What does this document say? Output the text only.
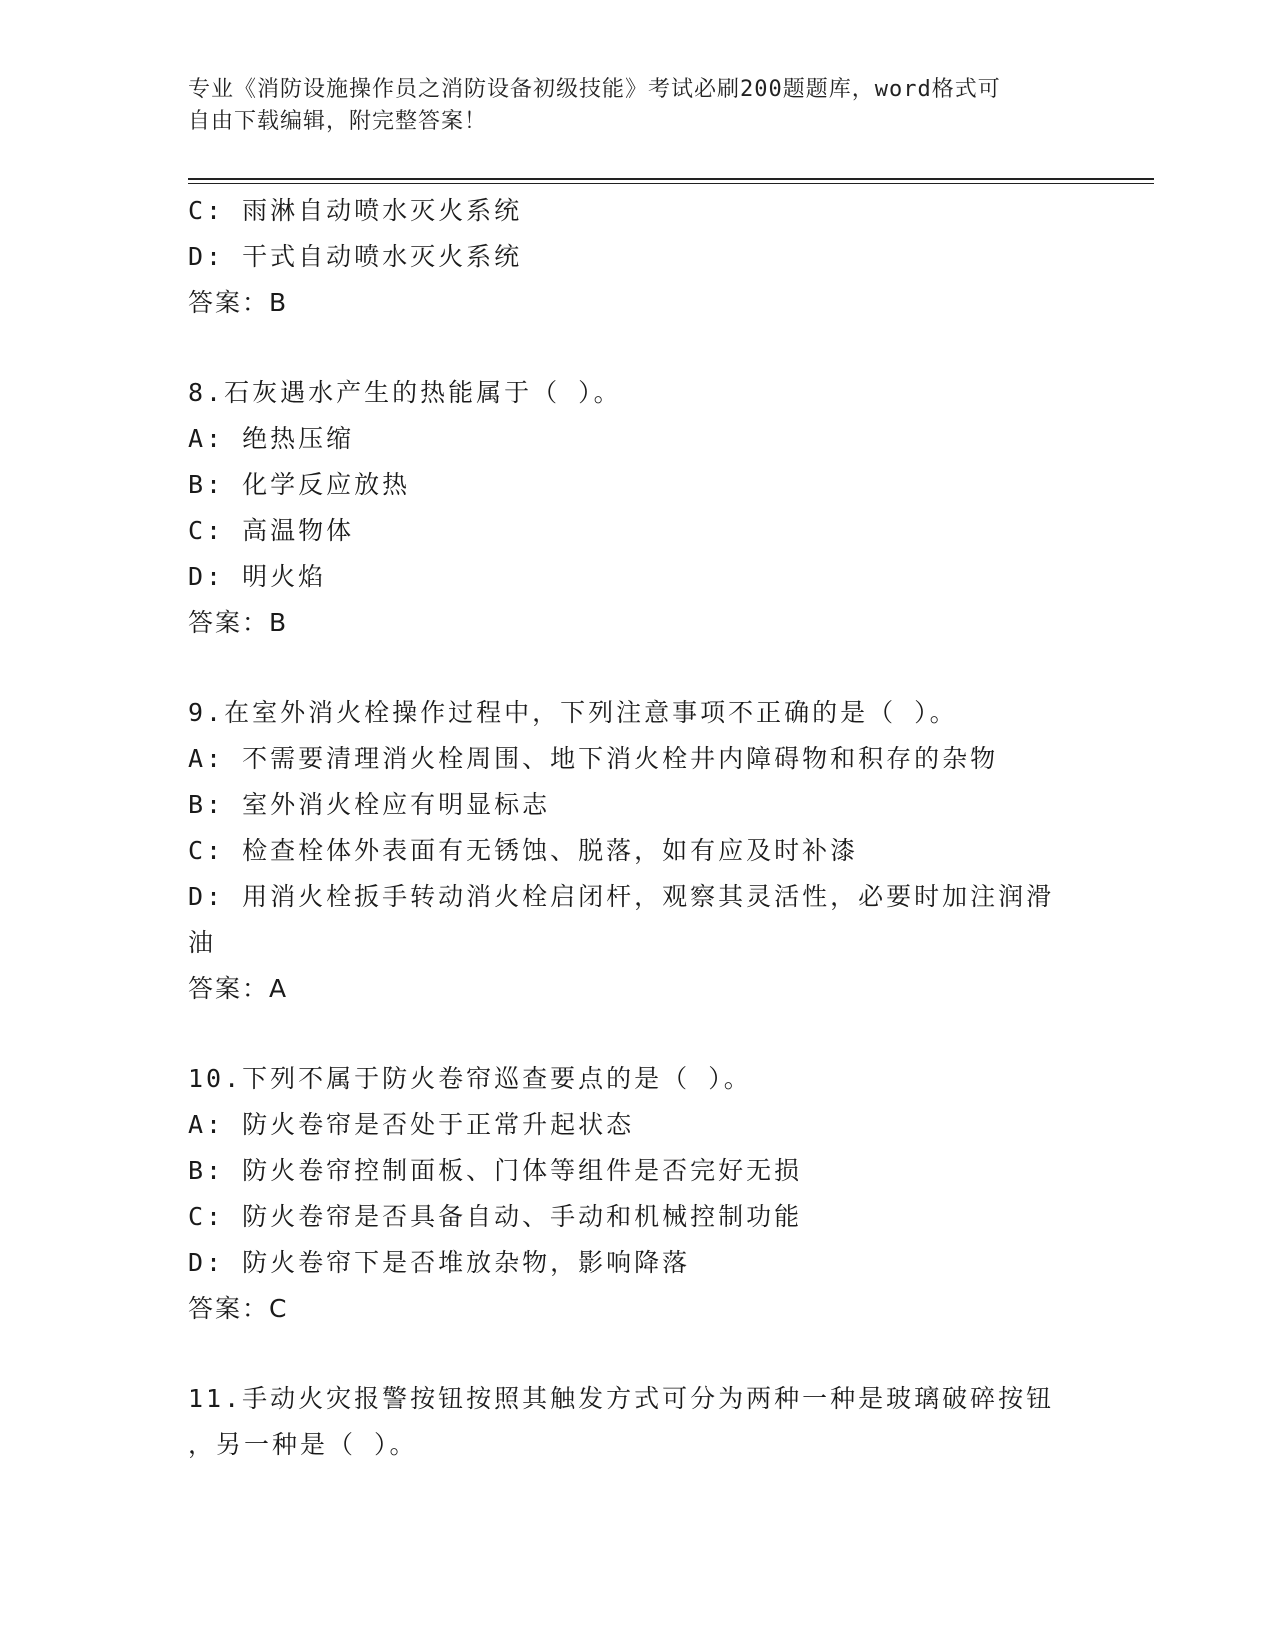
专业《消防设施操作员之消防设备初级技能》考试必刷200题题库，word格式可
自由下载编辑，附完整答案！
C: 雨淋自动喷水灭火系统
D: 干式自动喷水灭火系统
答案：B
8.石灰遇水产生的热能属于（ ）。
A: 绝热压缩
B: 化学反应放热
C: 高温物体
D: 明火焰
答案：B
9.在室外消火栓操作过程中，下列注意事项不正确的是（ ）。
A: 不需要清理消火栓周围、地下消火栓井内障碍物和积存的杂物
B: 室外消火栓应有明显标志
C: 检查栓体外表面有无锈蚀、脱落，如有应及时补漆
D: 用消火栓扳手转动消火栓启闭杆，观察其灵活性，必要时加注润滑
油
答案：A
10.下列不属于防火卷帘巡查要点的是（ ）。
A: 防火卷帘是否处于正常升起状态
B: 防火卷帘控制面板、门体等组件是否完好无损
C: 防火卷帘是否具备自动、手动和机械控制功能
D: 防火卷帘下是否堆放杂物，影响降落
答案：C
11.手动火灾报警按钮按照其触发方式可分为两种一种是玻璃破碎按钮
，另一种是（ ）。
